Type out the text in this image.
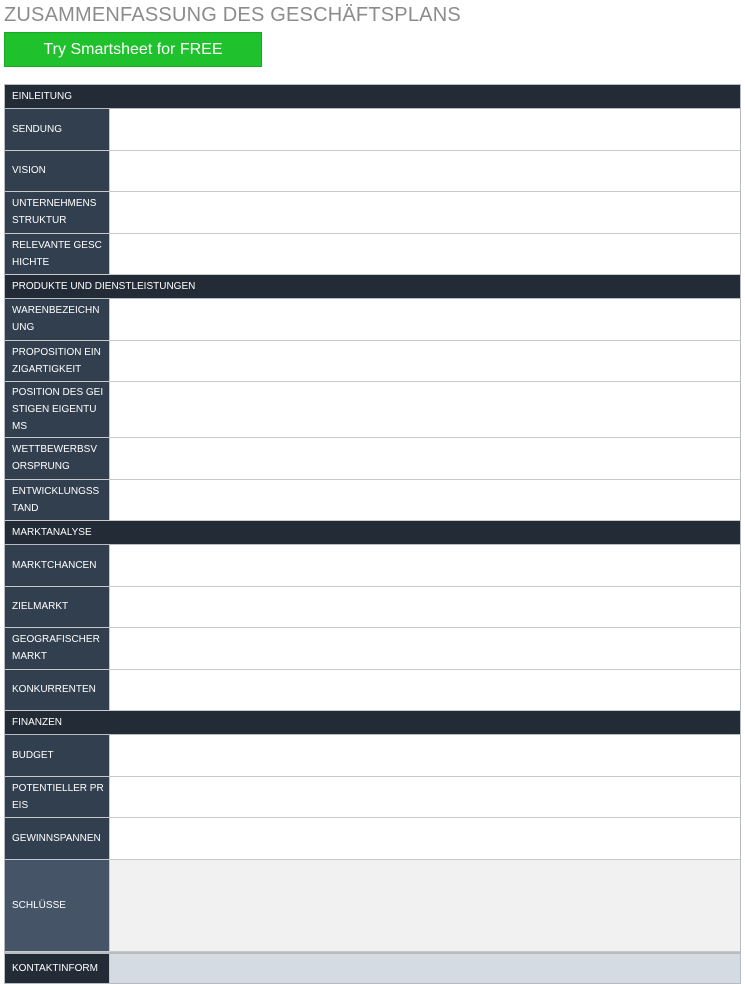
ZUSAMMENFASSUNG DES GESCHÄFTSPLANS
Try Smartsheet for FREE
EINLEITUNG
SENDUNG
VISION
UNTERNEHMENS STRUKTUR
RELEVANTE GESCHICHTE
PRODUKTE UND DIENSTLEISTUNGEN
WARENBEZEICHNUNG
PROPOSITION EINZIGARTIGKEIT
POSITION DES GEISTIGEN EIGENTUMS
WETTBEWERBSVORSPRUNG
ENTWICKLUNGSSTAND
MARKTANALYSE
MARKTCHANCEN
ZIELMARKT
GEOGRAFISCHER MARKT
KONKURRENTEN
FINANZEN
BUDGET
POTENTIELLER PREIS
GEWINNSPANNEN
SCHLÜSSE
KONTAKTINFORM
